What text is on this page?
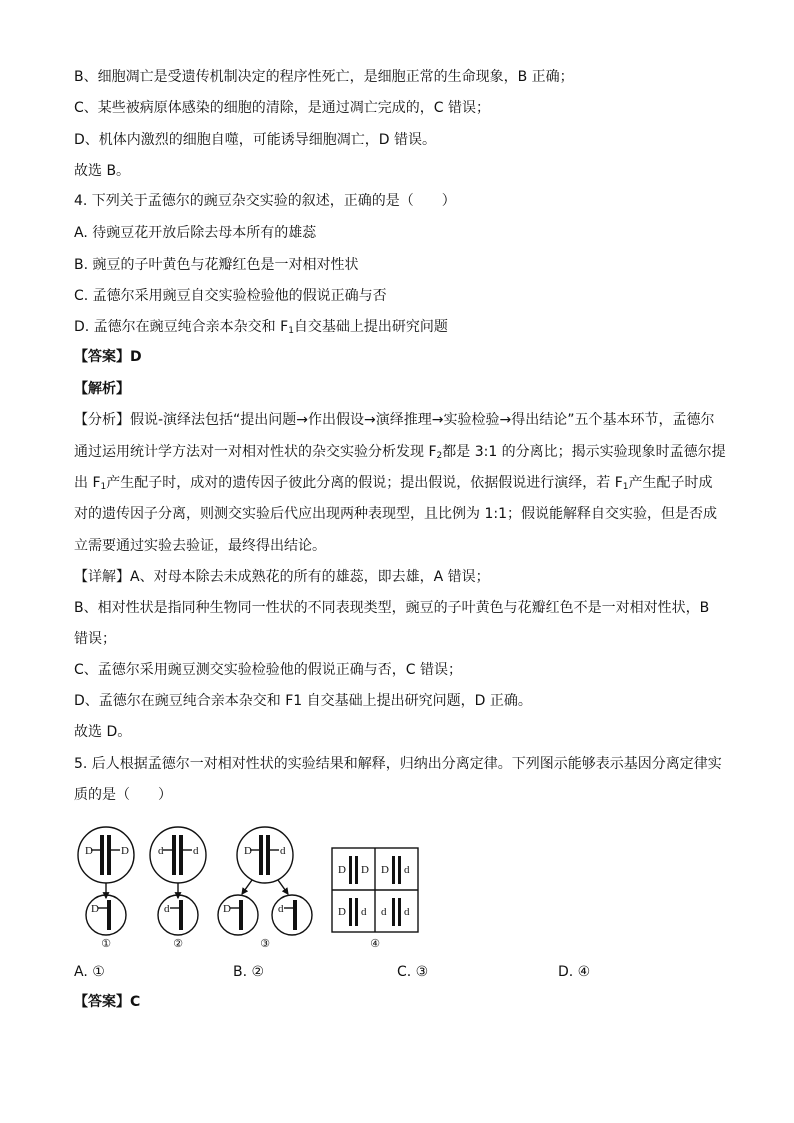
B、细胞凋亡是受遗传机制决定的程序性死亡，是细胞正常的生命现象，B 正确；
C、某些被病原体感染的细胞的清除，是通过凋亡完成的，C 错误；
D、机体内激烈的细胞自噬，可能诱导细胞凋亡，D 错误。
故选 B。
4. 下列关于孟德尔的豌豆杂交实验的叙述，正确的是（　　）
A. 待豌豆花开放后除去母本所有的雄蕊
B. 豌豆的子叶黄色与花瓣红色是一对相对性状
C. 孟德尔采用豌豆自交实验检验他的假说正确与否
D. 孟德尔在豌豆纯合亲本杂交和 $F_1$自交基础上提出研究问题
【答案】D
【解析】
【分析】假说-演绎法包括“提出问题→作出假设→演绎推理→实验检验→得出结论”五个基本环节，孟德尔
通过运用统计学方法对一对相对性状的杂交实验分析发现 $F_2$都是 3:1 的分离比；揭示实验现象时孟德尔提
出 $F_1$产生配子时，成对的遗传因子彼此分离的假说；提出假说，依据假说进行演绎，若 $F_1$产生配子时成
对的遗传因子分离，则测交实验后代应出现两种表现型，且比例为 1:1；假说能解释自交实验，但是否成
立需要通过实验去验证，最终得出结论。
【详解】A、对母本除去未成熟花的所有的雄蕊，即去雄，A 错误；
B、相对性状是指同种生物同一性状的不同表现类型，豌豆的子叶黄色与花瓣红色不是一对相对性状，B
错误；
C、孟德尔采用豌豆测交实验检验他的假说正确与否，C 错误；
D、孟德尔在豌豆纯合亲本杂交和 F1 自交基础上提出研究问题，D 正确。
故选 D。
5. 后人根据孟德尔一对相对性状的实验结果和解释，归纳出分离定律。下列图示能够表示基因分离定律实
质的是（　　）
D	D
D
d	d
d
D	d
D	d
D D D d
D d d d
①	②	③	④
A. ①	B. ②	C. ③	D. ④
【答案】C
